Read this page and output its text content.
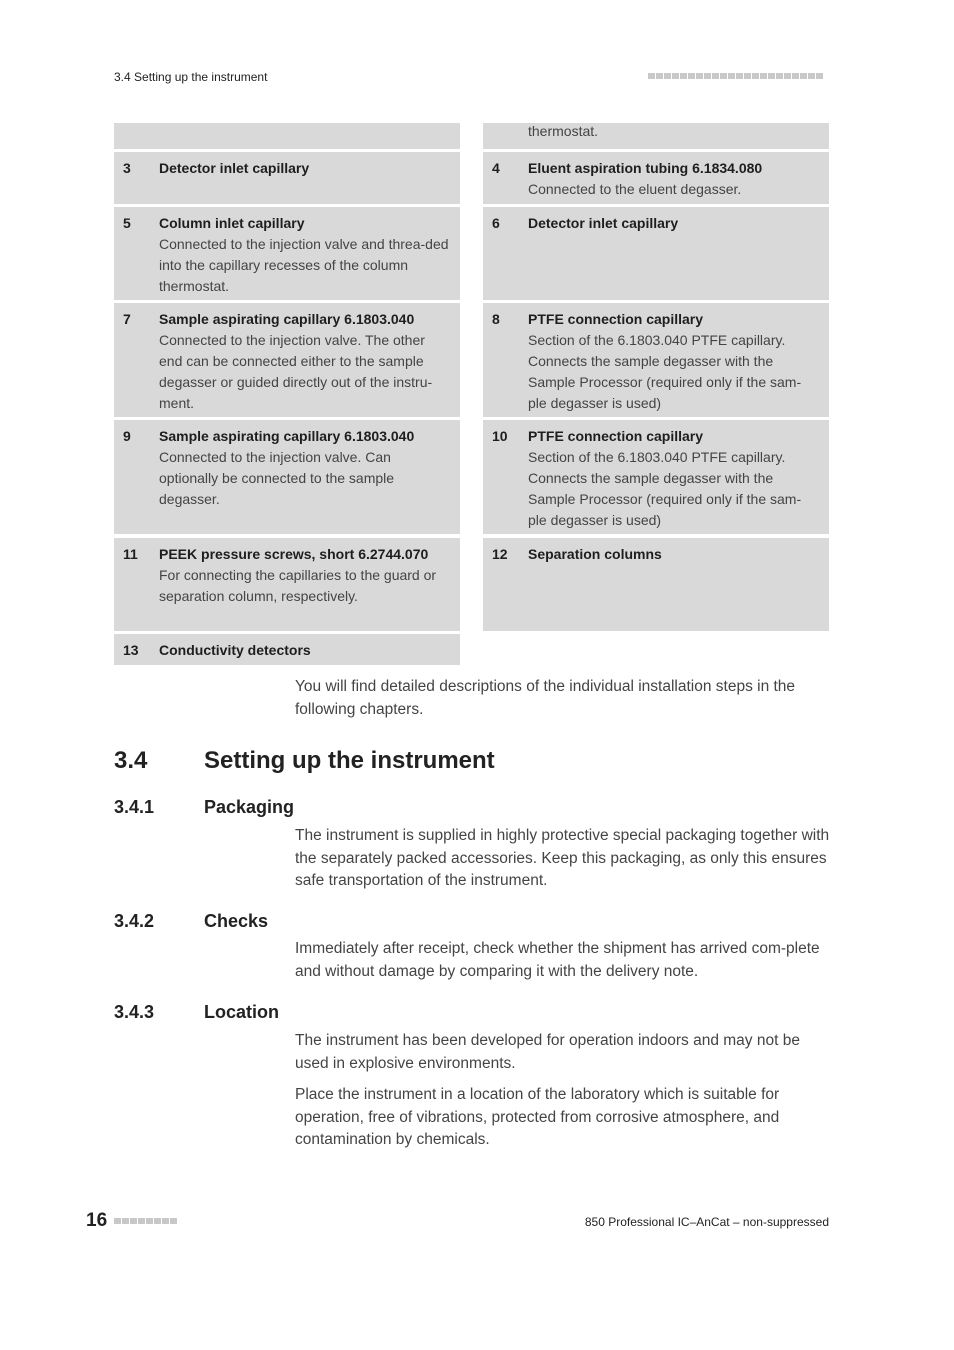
3.4 Setting up the instrument
thermostat.
3 Detector inlet capillary	4 Eluent aspiration tubing 6.1834.080
Connected to the eluent degasser.
5 Column inlet capillary
Connected to the injection valve and threa-ded into the capillary recesses of the column thermostat.
6 Detector inlet capillary
7 Sample aspirating capillary 6.1803.040
Connected to the injection valve. The other end can be connected either to the sample degasser or guided directly out of the instru-ment.
8 PTFE connection capillary
Section of the 6.1803.040 PTFE capillary. Connects the sample degasser with the Sample Processor (required only if the sam-ple degasser is used)
9 Sample aspirating capillary 6.1803.040
Connected to the injection valve. Can optionally be connected to the sample degasser.
10 PTFE connection capillary
Section of the 6.1803.040 PTFE capillary. Connects the sample degasser with the Sample Processor (required only if the sam-ple degasser is used)
11 PEEK pressure screws, short 6.2744.070
For connecting the capillaries to the guard or separation column, respectively.
12 Separation columns
13 Conductivity detectors
You will find detailed descriptions of the individual installation steps in the following chapters.
3.4 Setting up the instrument
3.4.1	Packaging
The instrument is supplied in highly protective special packaging together with the separately packed accessories. Keep this packaging, as only this ensures safe transportation of the instrument.
3.4.2	Checks
Immediately after receipt, check whether the shipment has arrived com-plete and without damage by comparing it with the delivery note.
3.4.3	Location
The instrument has been developed for operation indoors and may not be used in explosive environments.
Place the instrument in a location of the laboratory which is suitable for operation, free of vibrations, protected from corrosive atmosphere, and contamination by chemicals.
16	850 Professional IC–AnCat – non-suppressed
